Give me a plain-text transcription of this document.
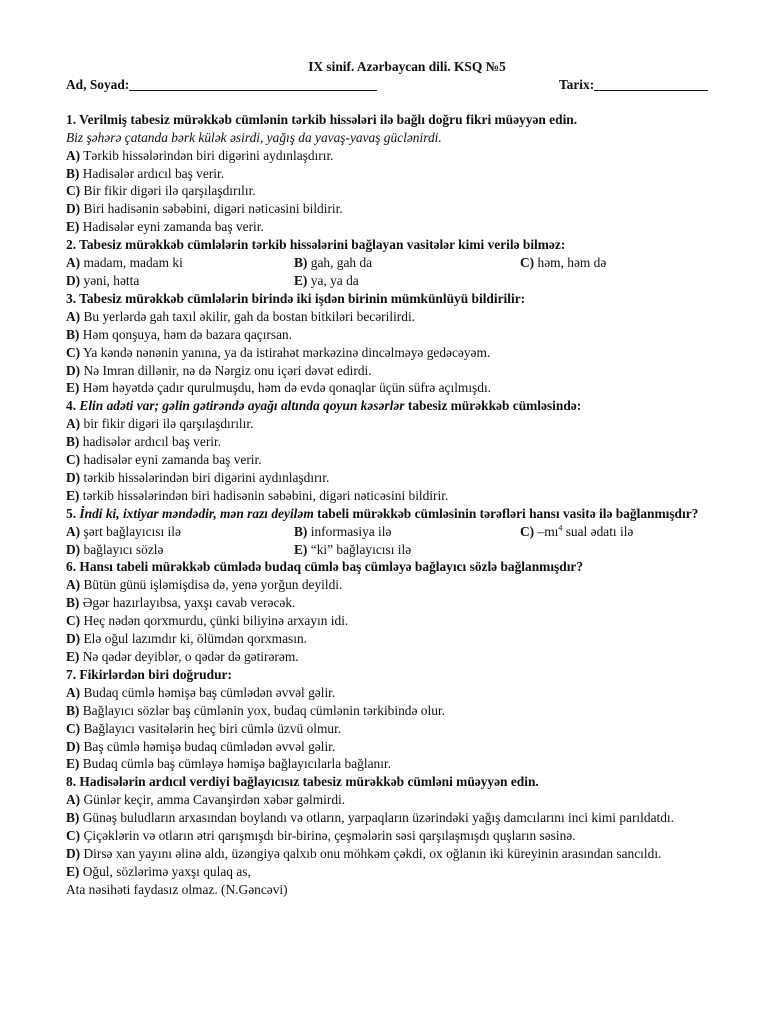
IX sinif. Azərbaycan dili. KSQ №5
Ad, Soyad:_____________________________________	Tarix:_________________
1. Verilmiş tabesiz mürəkkəb cümlənin tərkib hissələri ilə bağlı doğru fikri müəyyən edin.
Biz şəhərə çatanda bərk külək əsirdi, yağış da yavaş-yavaş güclənirdi.
A) Tərkib hissələrindən biri digərini aydınlaşdırır.
B) Hadisələr ardıcıl baş verir.
C) Bir fikir digəri ilə qarşılaşdırılır.
D) Biri hadisənin səbəbini, digəri nəticəsini bildirir.
E) Hadisələr eyni zamanda baş verir.
2. Tabesiz mürəkkəb cümlələrin tərkib hissələrini bağlayan vasitələr kimi verilə bilməz:
A) madam, madam ki	B) gah, gah da	C) həm, həm də
D) yəni, hətta	E) ya, ya da
3. Tabesiz mürəkkəb cümlələrin birində iki işdən birinin mümkünlüyü bildirilir:
A) Bu yerlərdə gah taxıl əkilir, gah da bostan bitkiləri becərilirdi.
B) Həm qonşuya, həm də bazara qaçırsan.
C) Ya kəndə nənənin yanına, ya da istirahət mərkəzinə dincəlməyə gedəcəyəm.
D) Nə Imran dillənir, nə də Nərgiz onu içəri dəvət edirdi.
E) Həm həyətdə çadır qurulmuşdu, həm də evdə qonaqlar üçün süfrə açılmışdı.
4. Elin adəti var; gəlin gətirəndə ayağı altında qoyun kəsərlər tabesiz mürəkkəb cümləsində:
A) bir fikir digəri ilə qarşılaşdırılır.
B) hadisələr ardıcıl baş verir.
C) hadisələr eyni zamanda baş verir.
D) tərkib hissələrindən biri digərini aydınlaşdırır.
E) tərkib hissələrindən biri hadisənin səbəbini, digəri nəticəsini bildirir.
5. İndi ki, ixtiyar məndədir, mən razı deyiləm tabeli mürəkkəb cümləsinin tərəfləri hansı vasitə ilə bağlanmışdır?
A) şərt bağlayıcısı ilə	B) informasiya ilə	C) $-mı^4$ sual ədatı ilə
D) bağlayıcı sözlə	E) “ki” bağlayıcısı ilə
6. Hansı tabeli mürəkkəb cümlədə budaq cümlə baş cümləyə bağlayıcı sözlə bağlanmışdır?
A) Bütün günü işləmişdisə də, yenə yorğun deyildi.
B) Əgər hazırlayıbsa, yaxşı cavab verəcək.
C) Heç nədən qorxmurdu, çünki biliyinə arxayın idi.
D) Elə oğul lazımdır ki, ölümdən qorxmasın.
E) Nə qədər deyiblər, o qədər də gətirərəm.
7. Fikirlərdən biri doğrudur:
A) Budaq cümlə həmişə baş cümlədən əvvəl gəlir.
B) Bağlayıcı sözlər baş cümlənin yox, budaq cümlənin tərkibində olur.
C) Bağlayıcı vasitələrin heç biri cümlə üzvü olmur.
D) Baş cümlə həmişə budaq cümlədən əvvəl gəlir.
E) Budaq cümlə baş cümləyə həmişə bağlayıcılarla bağlanır.
8. Hadisələrin ardıcıl verdiyi bağlayıcısız tabesiz mürəkkəb cümləni müəyyən edin.
A) Günlər keçir, amma Cavanşirdən xəbər gəlmirdi.
B) Günəş buludların arxasından boylandı və otların, yarpaqların üzərindəki yağış damcılarını inci kimi parıldatdı.
C) Çiçəklərin və otların ətri qarışmışdı bir-birinə, çeşmələrin səsi qarşılaşmışdı quşların səsinə.
D) Dirsə xan yayını əlinə aldı, üzəngiyə qalxıb onu möhkəm çəkdi, ox oğlanın iki küreyinin arasından sancıldı.
E) Oğul, sözlərimə yaxşı qulaq as,
Ata nəsihəti faydasız olmaz. (N.Gəncəvi)
